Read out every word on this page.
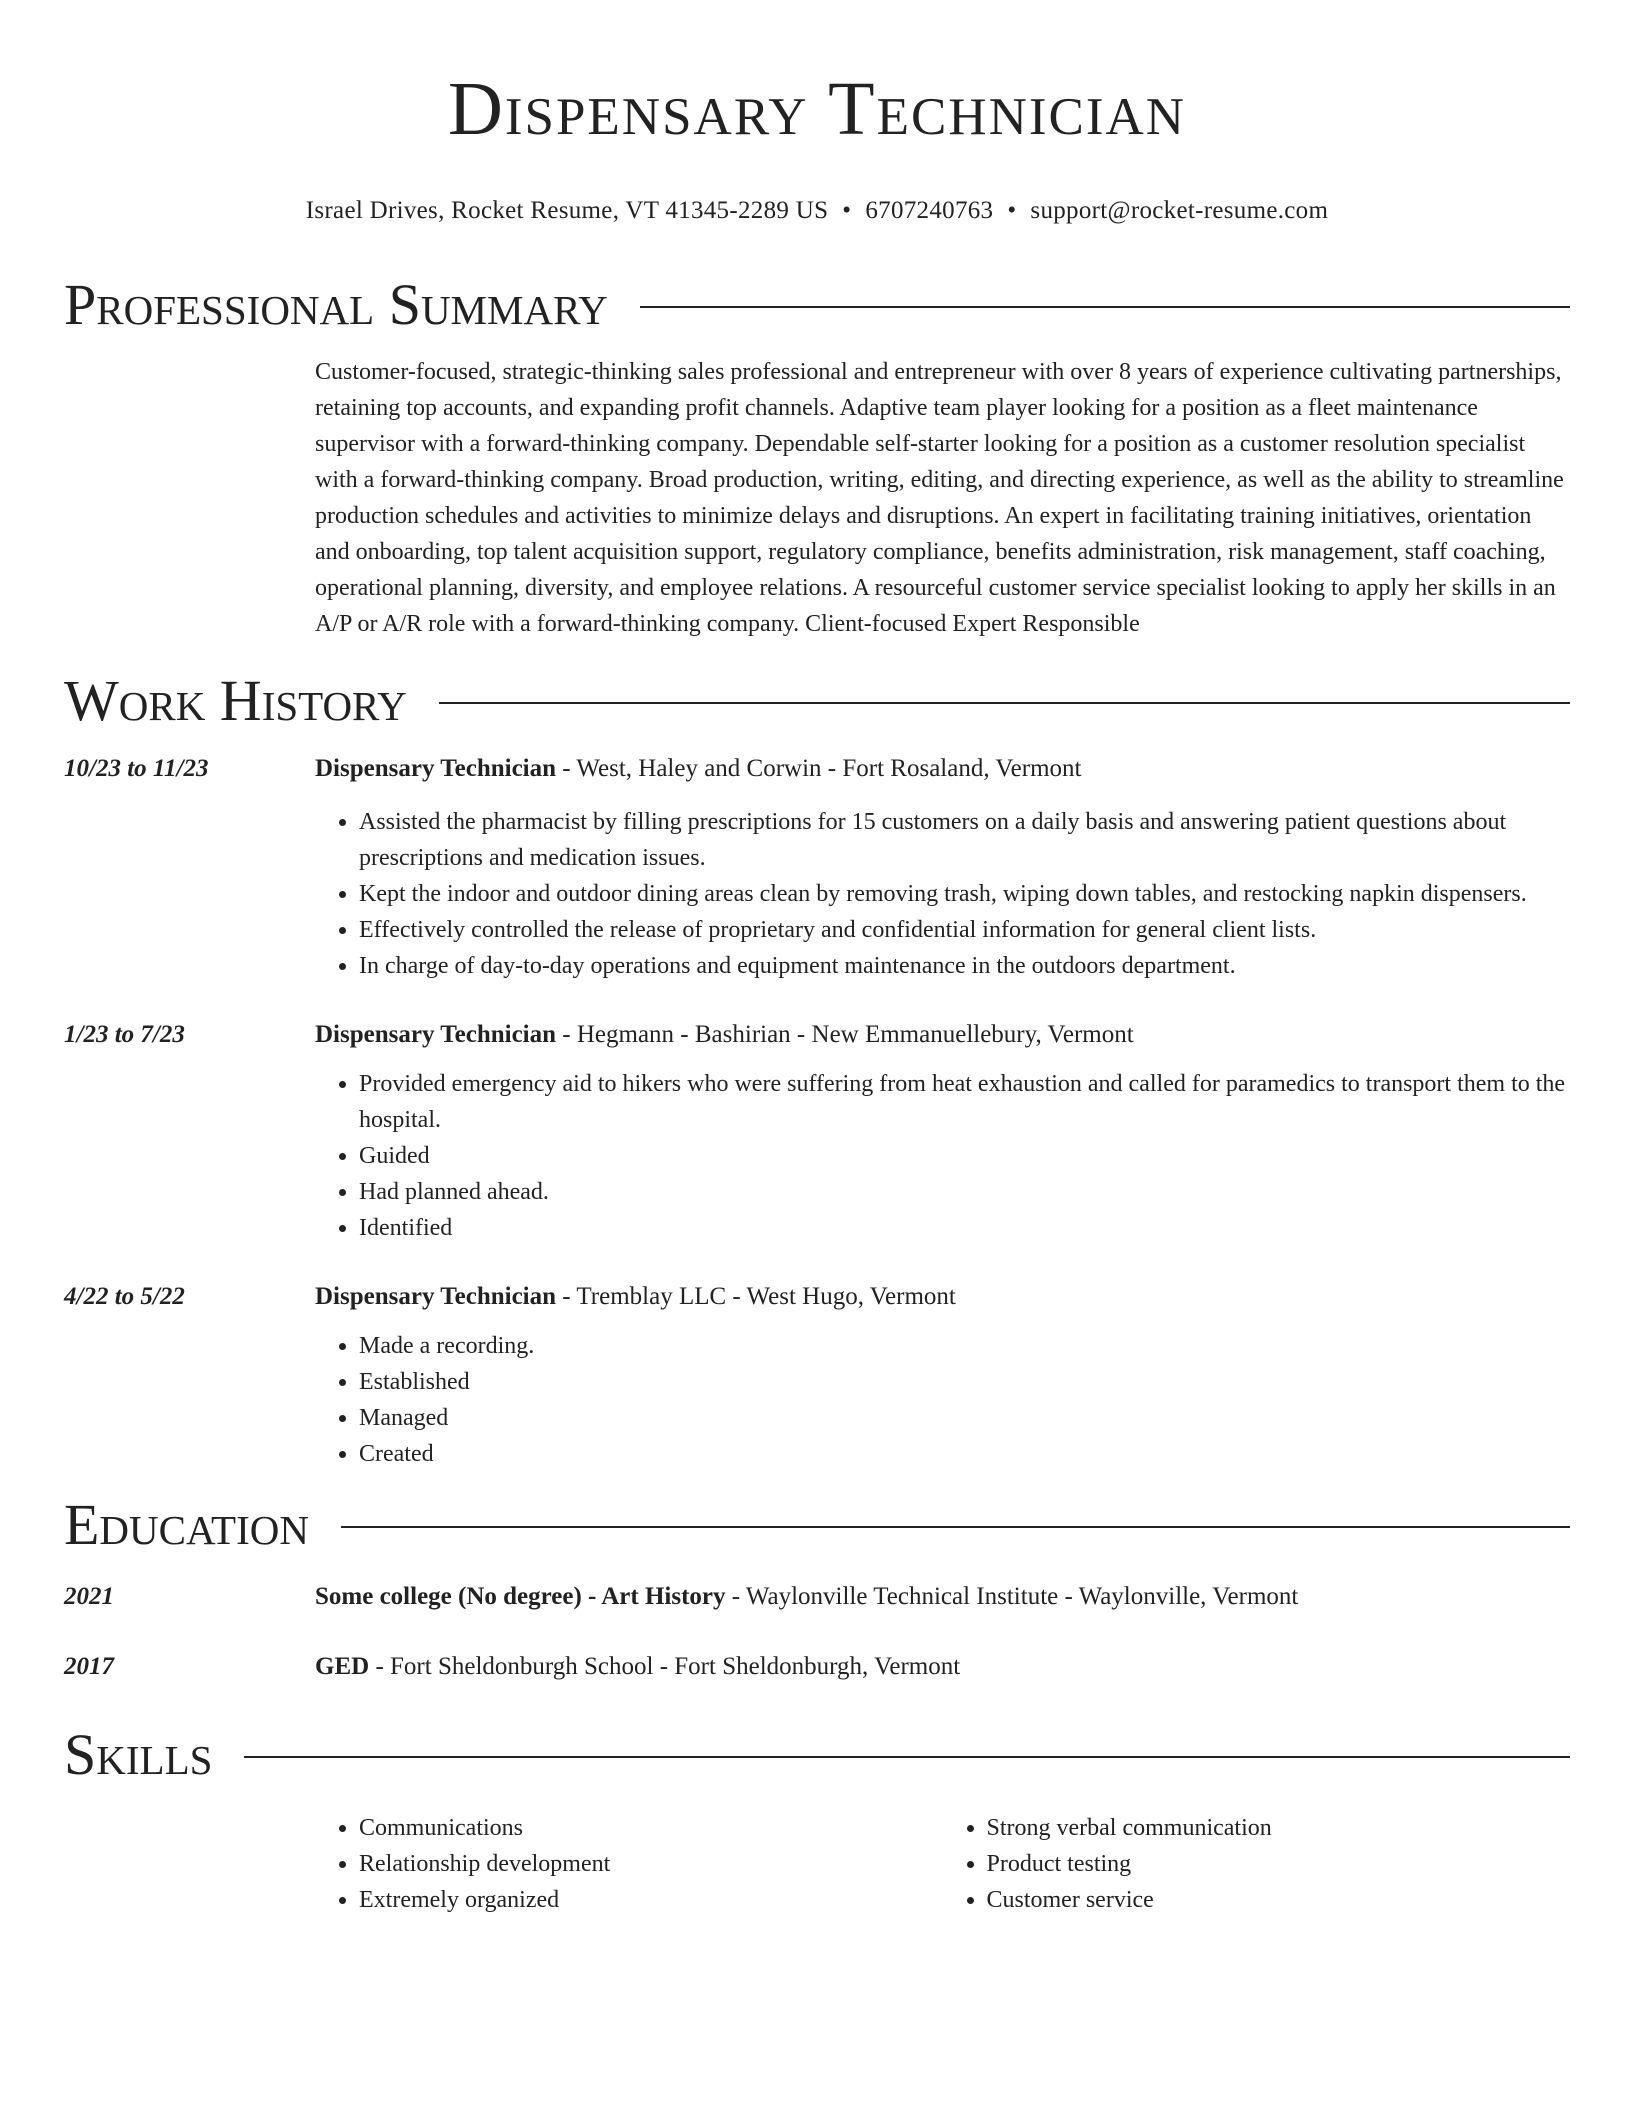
Dispensary Technician
Israel Drives, Rocket Resume, VT 41345-2289 US • 6707240763 • support@rocket-resume.com
Professional Summary
Customer-focused, strategic-thinking sales professional and entrepreneur with over 8 years of experience cultivating partnerships, retaining top accounts, and expanding profit channels. Adaptive team player looking for a position as a fleet maintenance supervisor with a forward-thinking company. Dependable self-starter looking for a position as a customer resolution specialist with a forward-thinking company. Broad production, writing, editing, and directing experience, as well as the ability to streamline production schedules and activities to minimize delays and disruptions. An expert in facilitating training initiatives, orientation and onboarding, top talent acquisition support, regulatory compliance, benefits administration, risk management, staff coaching, operational planning, diversity, and employee relations. A resourceful customer service specialist looking to apply her skills in an A/P or A/R role with a forward-thinking company. Client-focused Expert Responsible
Work History
10/23 to 11/23	Dispensary Technician - West, Haley and Corwin - Fort Rosaland, Vermont
• Assisted the pharmacist by filling prescriptions for 15 customers on a daily basis and answering patient questions about prescriptions and medication issues.
• Kept the indoor and outdoor dining areas clean by removing trash, wiping down tables, and restocking napkin dispensers.
• Effectively controlled the release of proprietary and confidential information for general client lists.
• In charge of day-to-day operations and equipment maintenance in the outdoors department.
1/23 to 7/23	Dispensary Technician - Hegmann - Bashirian - New Emmanuellebury, Vermont
• Provided emergency aid to hikers who were suffering from heat exhaustion and called for paramedics to transport them to the hospital.
• Guided
• Had planned ahead.
• Identified
4/22 to 5/22	Dispensary Technician - Tremblay LLC - West Hugo, Vermont
• Made a recording.
• Established
• Managed
• Created
Education
2021	Some college (No degree) - Art History - Waylonville Technical Institute - Waylonville, Vermont
2017	GED - Fort Sheldonburgh School - Fort Sheldonburgh, Vermont
Skills
• Communications
• Relationship development
• Extremely organized
• Strong verbal communication
• Product testing
• Customer service
